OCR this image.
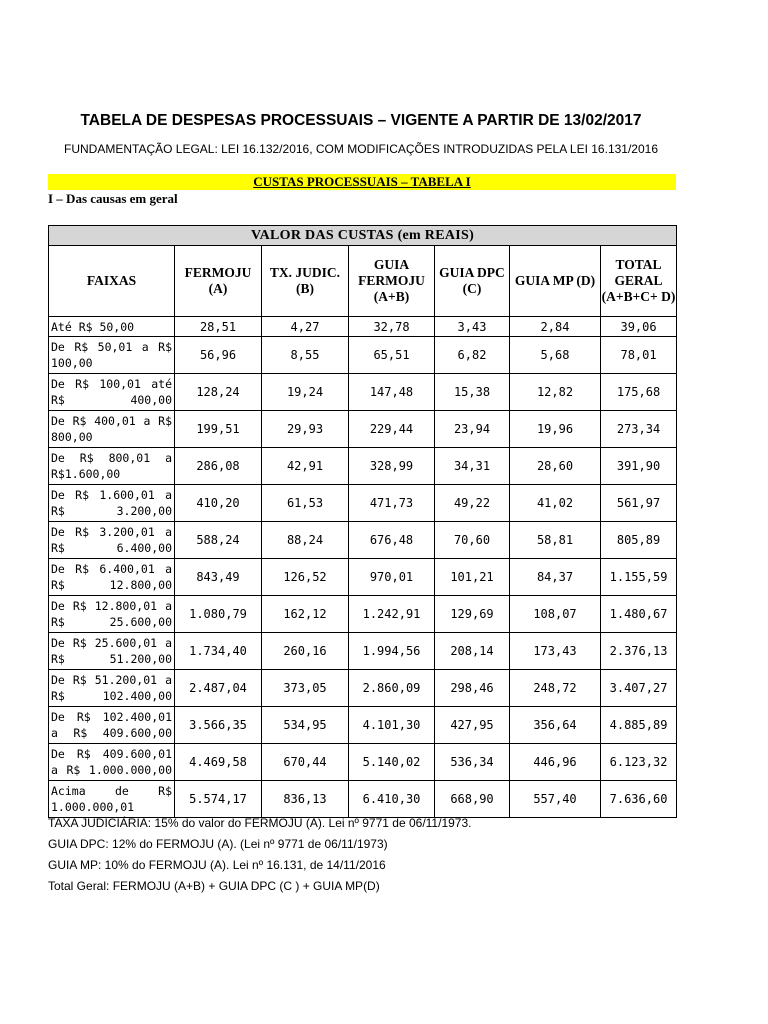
TABELA DE DESPESAS PROCESSUAIS – VIGENTE A PARTIR DE 13/02/2017
FUNDAMENTAÇÃO LEGAL: LEI 16.132/2016, COM MODIFICAÇÕES INTRODUZIDAS PELA LEI 16.131/2016
CUSTAS PROCESSUAIS – TABELA I
I – Das causas em geral
VALOR DAS CUSTAS (em REAIS)						
FAIXAS	FERMOJU (A)	TX. JUDIC. (B)	GUIA FERMOJU (A+B)	GUIA DPC (C)	GUIA MP (D)	TOTAL GERAL (A+B+C+ D)
Até R$ 50,00	28,51	4,27	32,78	3,43	2,84	39,06
De R$ 50,01 a R$ 100,00	56,96	8,55	65,51	6,82	5,68	78,01
De R$ 100,01 até R$ 400,00	128,24	19,24	147,48	15,38	12,82	175,68
De R$ 400,01 a R$ 800,00	199,51	29,93	229,44	23,94	19,96	273,34
De R$ 800,01 a R$1.600,00	286,08	42,91	328,99	34,31	28,60	391,90
De R$ 1.600,01 a R$ 3.200,00	410,20	61,53	471,73	49,22	41,02	561,97
De R$ 3.200,01 a R$ 6.400,00	588,24	88,24	676,48	70,60	58,81	805,89
De R$ 6.400,01 a R$ 12.800,00	843,49	126,52	970,01	101,21	84,37	1.155,59
De R$ 12.800,01 a R$ 25.600,00	1.080,79	162,12	1.242,91	129,69	108,07	1.480,67
De R$ 25.600,01 a R$ 51.200,00	1.734,40	260,16	1.994,56	208,14	173,43	2.376,13
De R$ 51.200,01 a R$ 102.400,00	2.487,04	373,05	2.860,09	298,46	248,72	3.407,27
De R$ 102.400,01 a R$ 409.600,00	3.566,35	534,95	4.101,30	427,95	356,64	4.885,89
De R$ 409.600,01 a R$ 1.000.000,00	4.469,58	670,44	5.140,02	536,34	446,96	6.123,32
Acima de R$ 1.000.000,01	5.574,17	836,13	6.410,30	668,90	557,40	7.636,60
TAXA JUDICIÁRIA: 15% do valor do FERMOJU (A). Lei nº 9771 de 06/11/1973.
GUIA DPC: 12% do FERMOJU (A). (Lei nº 9771 de 06/11/1973)
GUIA MP: 10% do FERMOJU (A). Lei nº 16.131, de 14/11/2016
Total Geral: FERMOJU (A+B) + GUIA DPC (C ) + GUIA MP(D)
